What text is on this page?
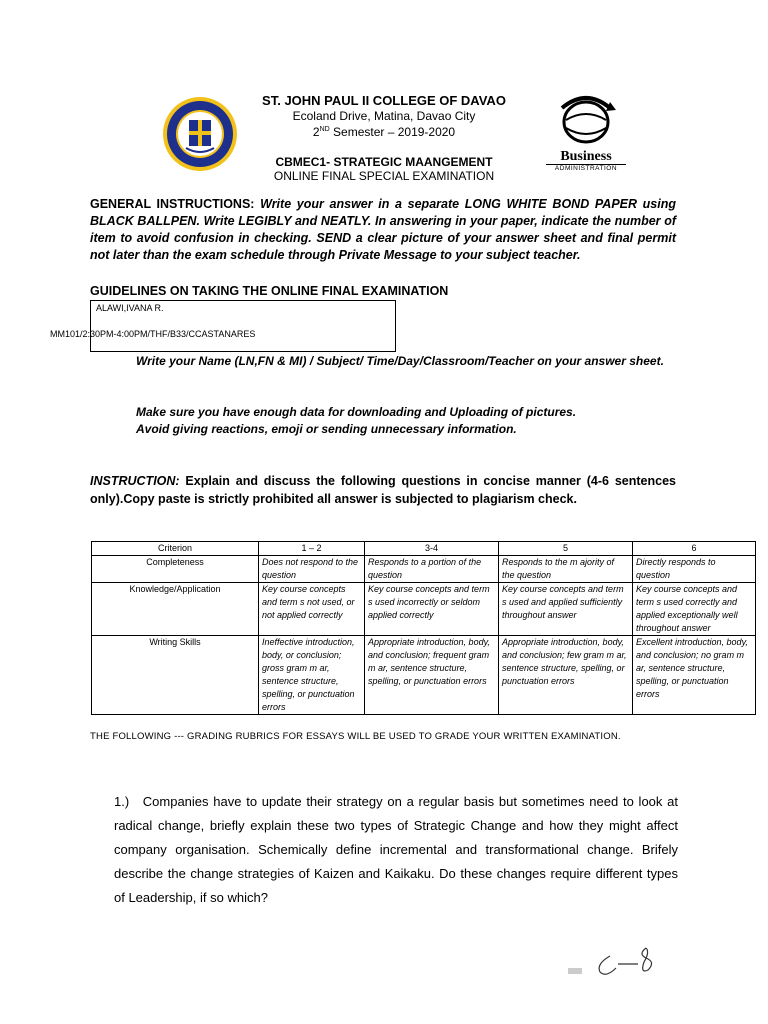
ST. JOHN PAUL II COLLEGE OF DAVAO
Ecoland Drive, Matina, Davao City
2ND Semester – 2019-2020
CBMEC1- STRATEGIC MAANGEMENT
ONLINE FINAL SPECIAL EXAMINATION
Business
ADMINISTRATION
GENERAL INSTRUCTIONS: Write your answer in a separate LONG WHITE BOND PAPER using BLACK BALLPEN. Write LEGIBLY and NEATLY. In answering in your paper, indicate the number of item to avoid confusion in checking. SEND a clear picture of your answer sheet and final permit not later than the exam schedule through Private Message to your subject teacher.
GUIDELINES ON TAKING THE ONLINE FINAL EXAMINATION
ALAWI,IVANA R.
MM101/2:30PM-4:00PM/THF/B33/CCASTANARES
Write your Name (LN,FN & MI) / Subject/ Time/Day/Classroom/Teacher on your answer sheet.
Make sure you have enough data for downloading and Uploading of pictures.
Avoid giving reactions, emoji or sending unnecessary information.
INSTRUCTION: Explain and discuss the following questions in concise manner (4-6 sentences only).Copy paste is strictly prohibited all answer is subjected to plagiarism check.
Criterion	1 – 2	3-4	5	6
Completeness	Does not respond to the question	Responds to a portion of the question	Responds to the m ajority of the question	Directly responds to question
Knowledge/Application	Key course concepts and term s not used, or not applied correctly	Key course concepts and term s used incorrectly or seldom applied correctly	Key course concepts and term s used and applied sufficiently throughout answer	Key course concepts and term s used correctly and applied exceptionally well throughout answer
Writing Skills	Ineffective introduction, body, or conclusion; gross gram m ar, sentence structure, spelling, or punctuation errors	Appropriate introduction, body, and conclusion; frequent gram m ar, sentence structure, spelling, or punctuation errors	Appropriate introduction, body, and conclusion; few gram m ar, sentence structure, spelling, or punctuation errors	Excellent introduction, body, and conclusion; no gram m ar, sentence structure, spelling, or punctuation errors
THE FOLLOWING --- GRADING RUBRICS FOR ESSAYS WILL BE USED TO GRADE YOUR WRITTEN EXAMINATION.
1.) Companies have to update their strategy on a regular basis but sometimes need to look at radical change, briefly explain these two types of Strategic Change and how they might affect company organisation. Schemically define incremental and transformational change. Brifely describe the change strategies of Kaizen and Kaikaku. Do these changes require different types of Leadership, if so which?
